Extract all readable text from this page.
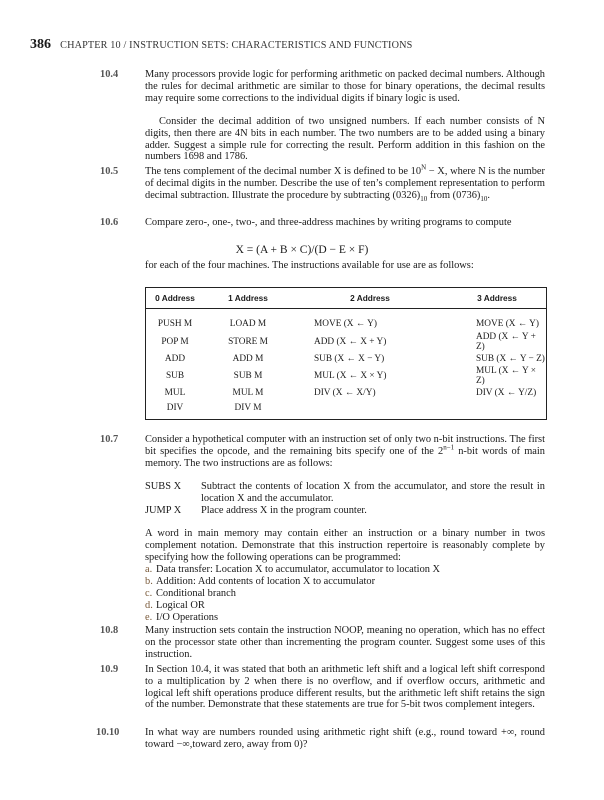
386 CHAPTER 10 / INSTRUCTION SETS: CHARACTERISTICS AND FUNCTIONS
10.4	Many processors provide logic for performing arithmetic on packed decimal numbers. Although the rules for decimal arithmetic are similar to those for binary operations, the decimal results may require some corrections to the individual digits if binary logic is used.
Consider the decimal addition of two unsigned numbers. If each number consists of N digits, then there are 4N bits in each number. The two numbers are to be added using a binary adder. Suggest a simple rule for correcting the result. Perform addition in this fashion on the numbers 1698 and 1786.
10.5	The tens complement of the decimal number X is defined to be $10^N - X$, where N is the number of decimal digits in the number. Describe the use of ten’s complement representation to perform decimal subtraction. Illustrate the procedure by subtracting $(0326)_{10}$ from $(0736)_{10}$.
10.6	Compare zero-, one-, two-, and three-address machines by writing programs to compute
X = (A + B × C)/(D − E × F)
for each of the four machines. The instructions available for use are as follows:
0 Address	1 Address	2 Address	3 Address

PUSH M	LOAD M	MOVE (X ← Y)	MOVE (X ← Y)
POP M	STORE M	ADD (X ← X + Y)	ADD (X ← Y + Z)
ADD	ADD M	SUB (X ← X − Y)	SUB (X ← Y − Z)
SUB	SUB M	MUL (X ← X × Y)	MUL (X ← Y × Z)
MUL	MUL M	DIV (X ← X/Y)	DIV (X ← Y/Z)
DIV	DIV M		
10.7	Consider a hypothetical computer with an instruction set of only two n-bit instructions. The first bit specifies the opcode, and the remaining bits specify one of the $2^{n-1}$ n-bit words of main memory. The two instructions are as follows:
SUBS X	Subtract the contents of location X from the accumulator, and store the result in location X and the accumulator.
JUMP X	Place address X in the program counter.
A word in main memory may contain either an instruction or a binary number in twos complement notation. Demonstrate that this instruction repertoire is reasonably complete by specifying how the following operations can be programmed:
a. Data transfer: Location X to accumulator, accumulator to location X
b. Addition: Add contents of location X to accumulator
c. Conditional branch
d. Logical OR
e. I/O Operations
10.8	Many instruction sets contain the instruction NOOP, meaning no operation, which has no effect on the processor state other than incrementing the program counter. Suggest some uses of this instruction.
10.9	In Section 10.4, it was stated that both an arithmetic left shift and a logical left shift correspond to a multiplication by 2 when there is no overflow, and if overflow occurs, arithmetic and logical left shift operations produce different results, but the arithmetic left shift retains the sign of the number. Demonstrate that these statements are true for 5-bit twos complement integers.
10.10 In what way are numbers rounded using arithmetic right shift (e.g., round toward +∞, round toward −∞,toward zero, away from 0)?
